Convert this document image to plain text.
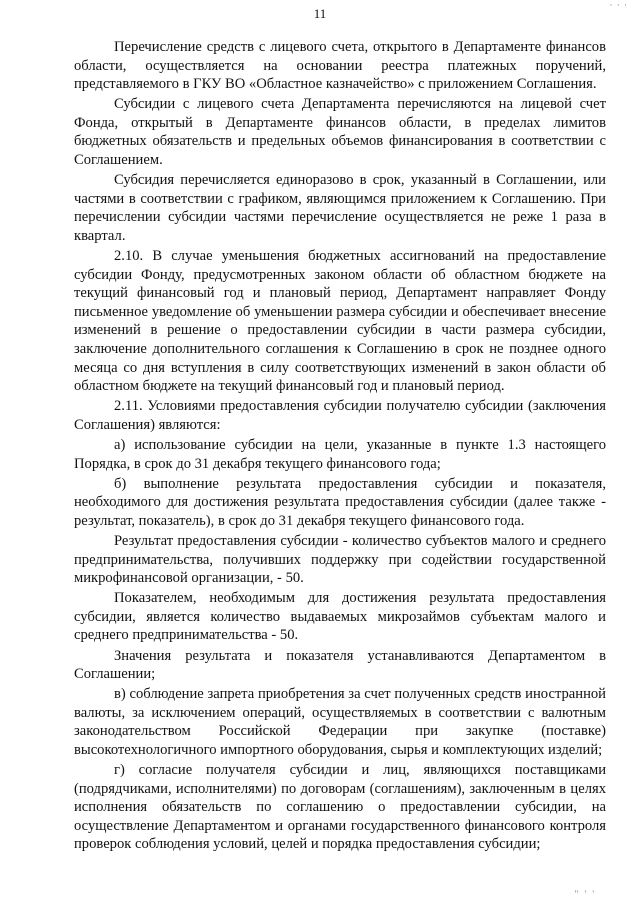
· · ·
11

Перечисление средств с лицевого счета, открытого в Департаменте финансов области, осуществляется на основании реестра платежных поручений, представляемого в ГКУ ВО «Областное казначейство» с приложением Соглашения.

Субсидии с лицевого счета Департамента перечисляются на лицевой счет Фонда, открытый в Департаменте финансов области, в пределах лимитов бюджетных обязательств и предельных объемов финансирования в соответствии с Соглашением.

Субсидия перечисляется единоразово в срок, указанный в Соглашении, или частями в соответствии с графиком, являющимся приложением к Соглашению. При перечислении субсидии частями перечисление осуществляется не реже 1 раза в квартал.

2.10. В случае уменьшения бюджетных ассигнований на предоставление субсидии Фонду, предусмотренных законом области об областном бюджете на текущий финансовый год и плановый период, Департамент направляет Фонду письменное уведомление об уменьшении размера субсидии и обеспечивает внесение изменений в решение о предоставлении субсидии в части размера субсидии, заключение дополнительного соглашения к Соглашению в срок не позднее одного месяца со дня вступления в силу соответствующих изменений в закон области об областном бюджете на текущий финансовый год и плановый период.

2.11. Условиями предоставления субсидии получателю субсидии (заключения Соглашения) являются:

а) использование субсидии на цели, указанные в пункте 1.3 настоящего Порядка, в срок до 31 декабря текущего финансового года;

б) выполнение результата предоставления субсидии и показателя, необходимого для достижения результата предоставления субсидии (далее также - результат, показатель), в срок до 31 декабря текущего финансового года.

Результат предоставления субсидии - количество субъектов малого и среднего предпринимательства, получивших поддержку при содействии государственной микрофинансовой организации, - 50.

Показателем, необходимым для достижения результата предоставления субсидии, является количество выдаваемых микрозаймов субъектам малого и среднего предпринимательства - 50.

Значения результата и показателя устанавливаются Департаментом в Соглашении;

в) соблюдение запрета приобретения за счет полученных средств иностранной валюты, за исключением операций, осуществляемых в соответствии с валютным законодательством Российской Федерации при закупке (поставке) высокотехнологичного импортного оборудования, сырья и комплектующих изделий;

г) согласие получателя субсидии и лиц, являющихся поставщиками (подрядчиками, исполнителями) по договорам (соглашениям), заключенным в целях исполнения обязательств по соглашению о предоставлении субсидии, на осуществление Департаментом и органами государственного финансового контроля проверок соблюдения условий, целей и порядка предоставления субсидии;

" ' '
